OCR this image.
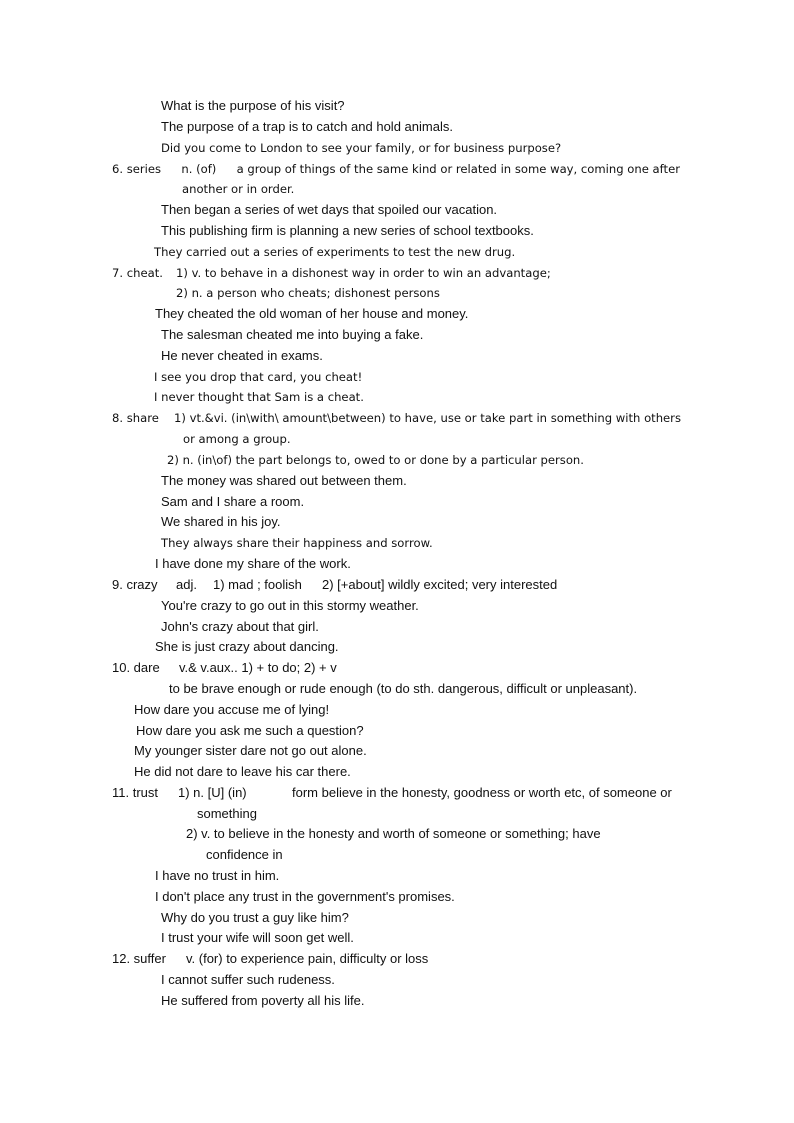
What is the purpose of his visit?
The purpose of a trap is to catch and hold animals.
Did you come to London to see your family, or for business purpose?
6. series n. (of) a group of things of the same kind or related in some way, coming one after
another or in order.
Then began a series of wet days that spoiled our vacation.
This publishing firm is planning a new series of school textbooks.
They carried out a series of experiments to test the new drug.
7. cheat. 1) v. to behave in a dishonest way in order to win an advantage;
2) n. a person who cheats; dishonest persons
They cheated the old woman of her house and money.
The salesman cheated me into buying a fake.
He never cheated in exams.
I see you drop that card, you cheat!
I never thought that Sam is a cheat.
8. share 1) vt.&vi. (in\with\ amount\between) to have, use or take part in something with others
or among a group.
2) n. (in\of) the part belongs to, owed to or done by a particular person.
The money was shared out between them.
Sam and I share a room.
We shared in his joy.
They always share their happiness and sorrow.
I have done my share of the work.
9. crazy adj. 1) mad ; foolish 2) [+about] wildly excited; very interested
You're crazy to go out in this stormy weather.
John's crazy about that girl.
She is just crazy about dancing.
10. dare v.& v.aux.. 1) + to do; 2) + v
to be brave enough or rude enough (to do sth. dangerous, difficult or unpleasant).
How dare you accuse me of lying!
How dare you ask me such a question?
My younger sister dare not go out alone.
He did not dare to leave his car there.
11. trust 1) n. [U] (in)	form believe in the honesty, goodness or worth etc, of someone or
something
2) v. to believe in the honesty and worth of someone or something; have
confidence in
I have no trust in him.
I don't place any trust in the government's promises.
Why do you trust a guy like him?
I trust your wife will soon get well.
12. suffer v. (for) to experience pain, difficulty or loss
I cannot suffer such rudeness.
He suffered from poverty all his life.
